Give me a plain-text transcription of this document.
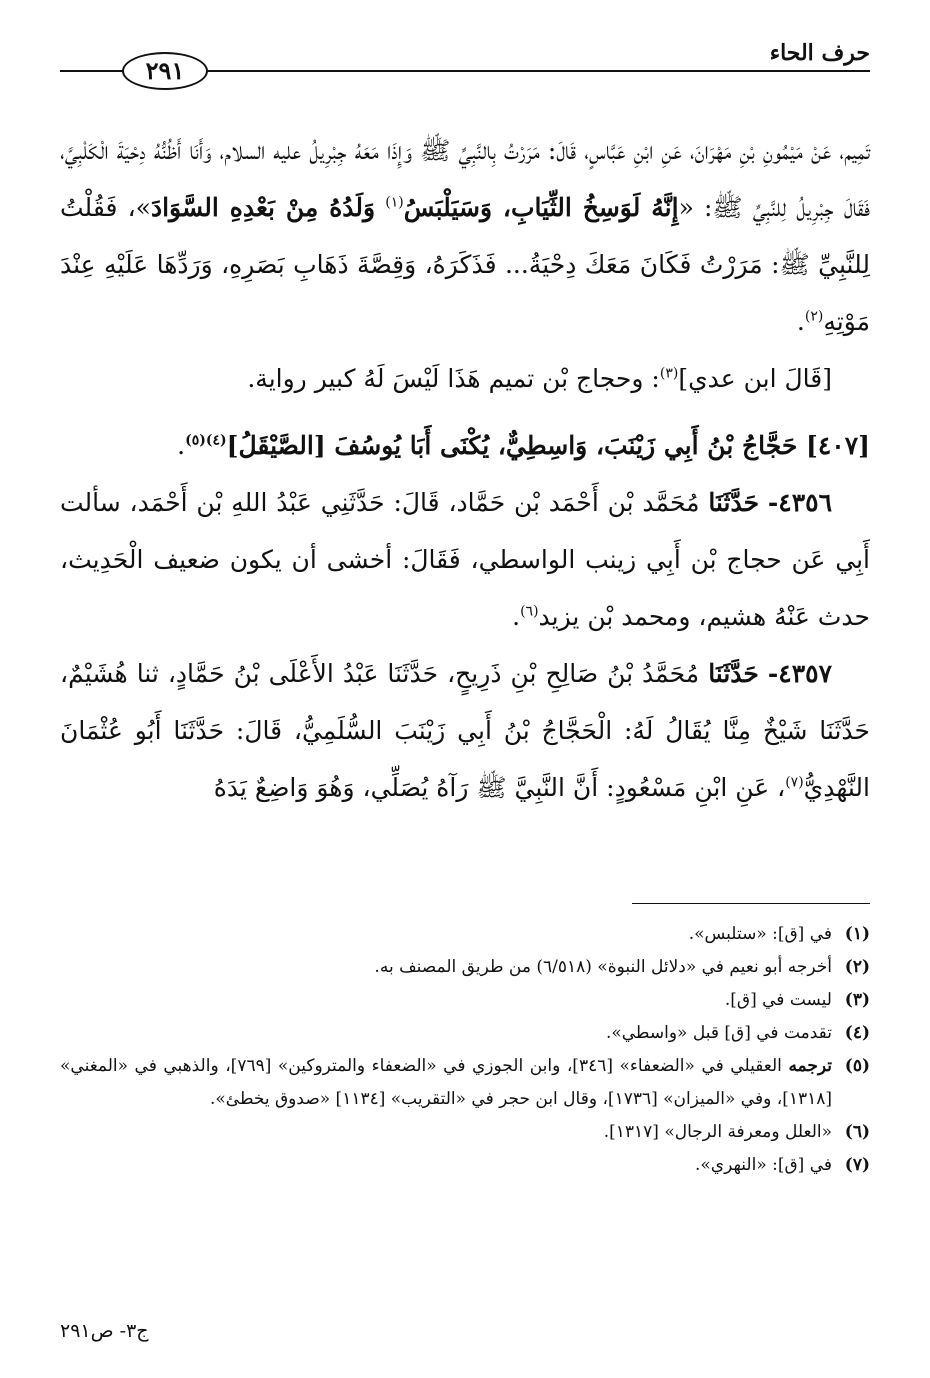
حرف الحاء
٢٩١

تَمِيم، عَنْ مَيْمُونِ بْنِ مَهْرَانَ، عَنِ ابْنِ عَبَّاسٍ، قَالَ: مَرَرْتُ بِالنَّبِيِّ ﷺ وَإِذَا مَعَهُ جِبْرِيلُ عليه السلام، وَأَنَا أَظُنُّهُ دِحْيَةَ الْكَلْبِيَّ، فَقَالَ جِبْرِيلُ لِلنَّبِيِّ ﷺ: «إِنَّهُ لَوَسِخُ الثِّيَابِ، وَسَيَلْبَسُ$^{(١)}$ وَلَدُهُ مِنْ بَعْدِهِ السَّوَادَ»، فَقُلْتُ لِلنَّبِيِّ ﷺ: مَرَرْتُ فَكَانَ مَعَكَ دِحْيَةُ... فَذَكَرَهُ، وَقِصَّةَ ذَهَابِ بَصَرِهِ، وَرَدِّهَا عَلَيْهِ عِنْدَ مَوْتِهِ$^{(٢)}$.

[قَالَ ابن عدي]$^{(٣)}$: وحجاج بْن تميم هَذَا لَيْسَ لَهُ كبير رواية.

[٤٠٧] حَجَّاجُ بْنُ أَبِي زَيْنَبَ، وَاسِطِيٌّ، يُكْنَى أَبَا يُوسُفَ [الصَّيْقَلُ]$^{(٤)(٥)}$.

٤٣٥٦- حَدَّثَنَا مُحَمَّد بْن أَحْمَد بْن حَمَّاد، قَالَ: حَدَّثَنِي عَبْدُ اللهِ بْن أَحْمَد، سألت أَبِي عَن حجاج بْن أَبِي زينب الواسطي، فَقَالَ: أخشى أن يكون ضعيف الْحَدِيث، حدث عَنْهُ هشيم، ومحمد بْن يزيد$^{(٦)}$.

٤٣٥٧- حَدَّثَنَا مُحَمَّدُ بْنُ صَالِحِ بْنِ ذَرِيحٍ، حَدَّثَنَا عَبْدُ الأَعْلَى بْنُ حَمَّادٍ، ثنا هُشَيْمٌ، حَدَّثَنَا شَيْخٌ مِنَّا يُقَالُ لَهُ: الْحَجَّاجُ بْنُ أَبِي زَيْنَبَ السُّلَمِيُّ، قَالَ: حَدَّثَنَا أَبُو عُثْمَانَ النَّهْدِيُّ$^{(٧)}$، عَنِ ابْنِ مَسْعُودٍ: أَنَّ النَّبِيَّ ﷺ رَآهُ يُصَلِّي، وَهُوَ وَاضِعٌ يَدَهُ

(١)
في [ق]: «ستلبس».
(٢)
أخرجه أبو نعيم في «دلائل النبوة» (٦/٥١٨) من طريق المصنف به.
(٣)
ليست في [ق].
(٤)
تقدمت في [ق] قبل «واسطي».
(٥)
ترجمه العقيلي في «الضعفاء» [٣٤٦]، وابن الجوزي في «الضعفاء والمتروكين» [٧٦٩]، والذهبي في «المغني» [١٣١٨]، وفي «الميزان» [١٧٣٦]، وقال ابن حجر في «التقريب» [١١٣٤] «صدوق يخطئ».
(٦)
«العلل ومعرفة الرجال» [١٣١٧].
(٧)
في [ق]: «النهري».
ج٣- ص٢٩١
